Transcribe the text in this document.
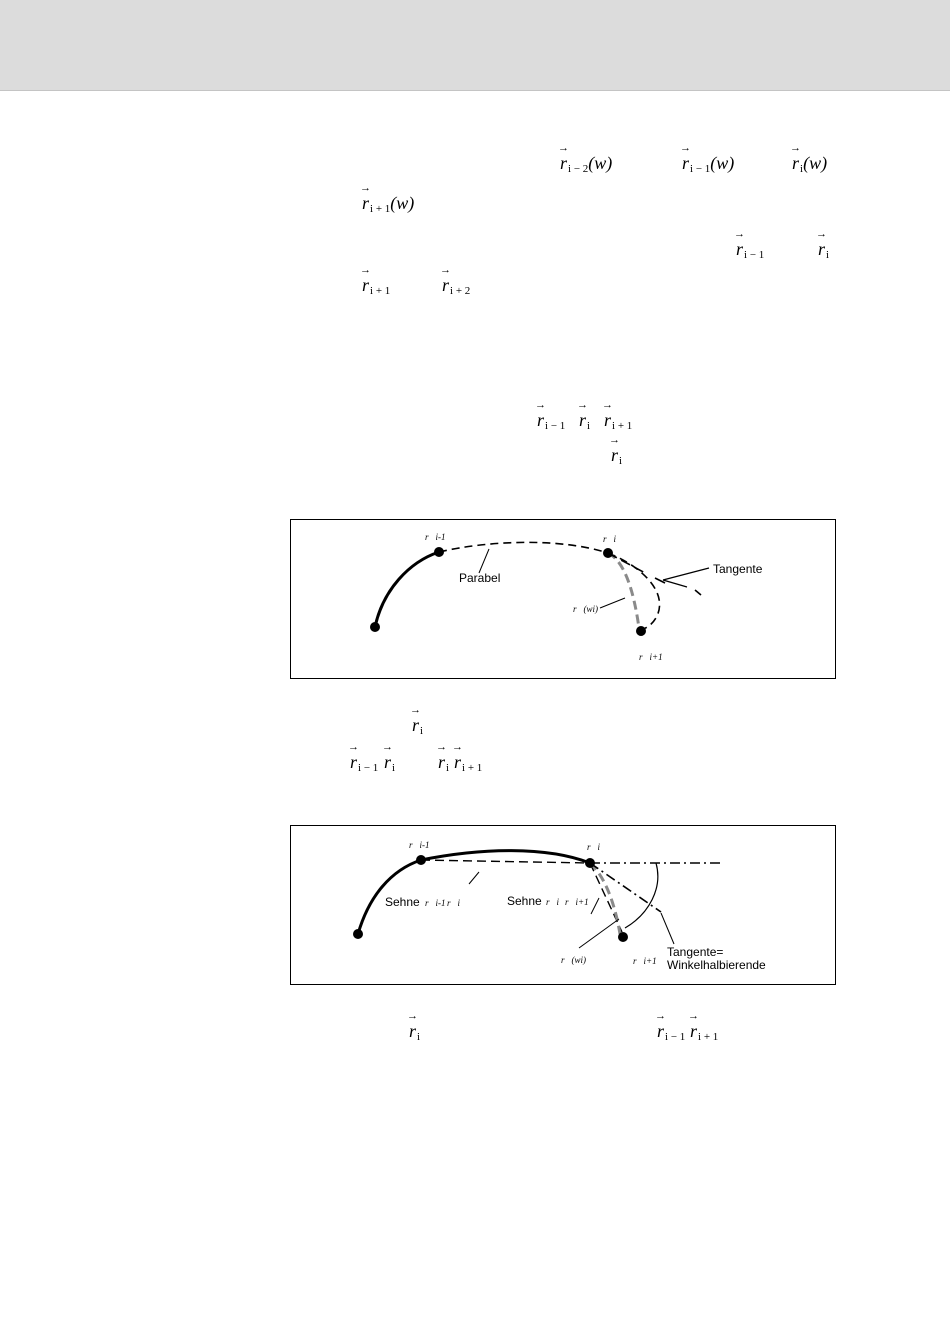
→ $r_{i - 2}(w)$
→	$r_{i - 1}(w)$
→	$r_i(w)$
→ $r_{i + 1}(w)$
→ $r_{i - 1}$
→	$r_i$
→ $r_{i + 1}$
→	$r_{i + 2}$
→ $r_{i - 1}$
→ $r_i$
→ $r_{i + 1}$
→ $r_i$
Parabel
Tangente
r⃗i-1	r⃗i
r⃗i+1
r⃗(wi)
→ $r_i$
→ $r_{i - 1}$
→ $r_i$
→ $r_i$
→ $r_{i + 1}$
Sehne r⃗i-1 r⃗i	Sehne r⃗i r⃗i+1
Tangente=
Winkelhalbierende
r⃗i-1	r⃗i
r⃗i+1
r⃗(wi)
→ $r_i$
→	$r_{i - 1}$
→ $r_{i + 1}$
